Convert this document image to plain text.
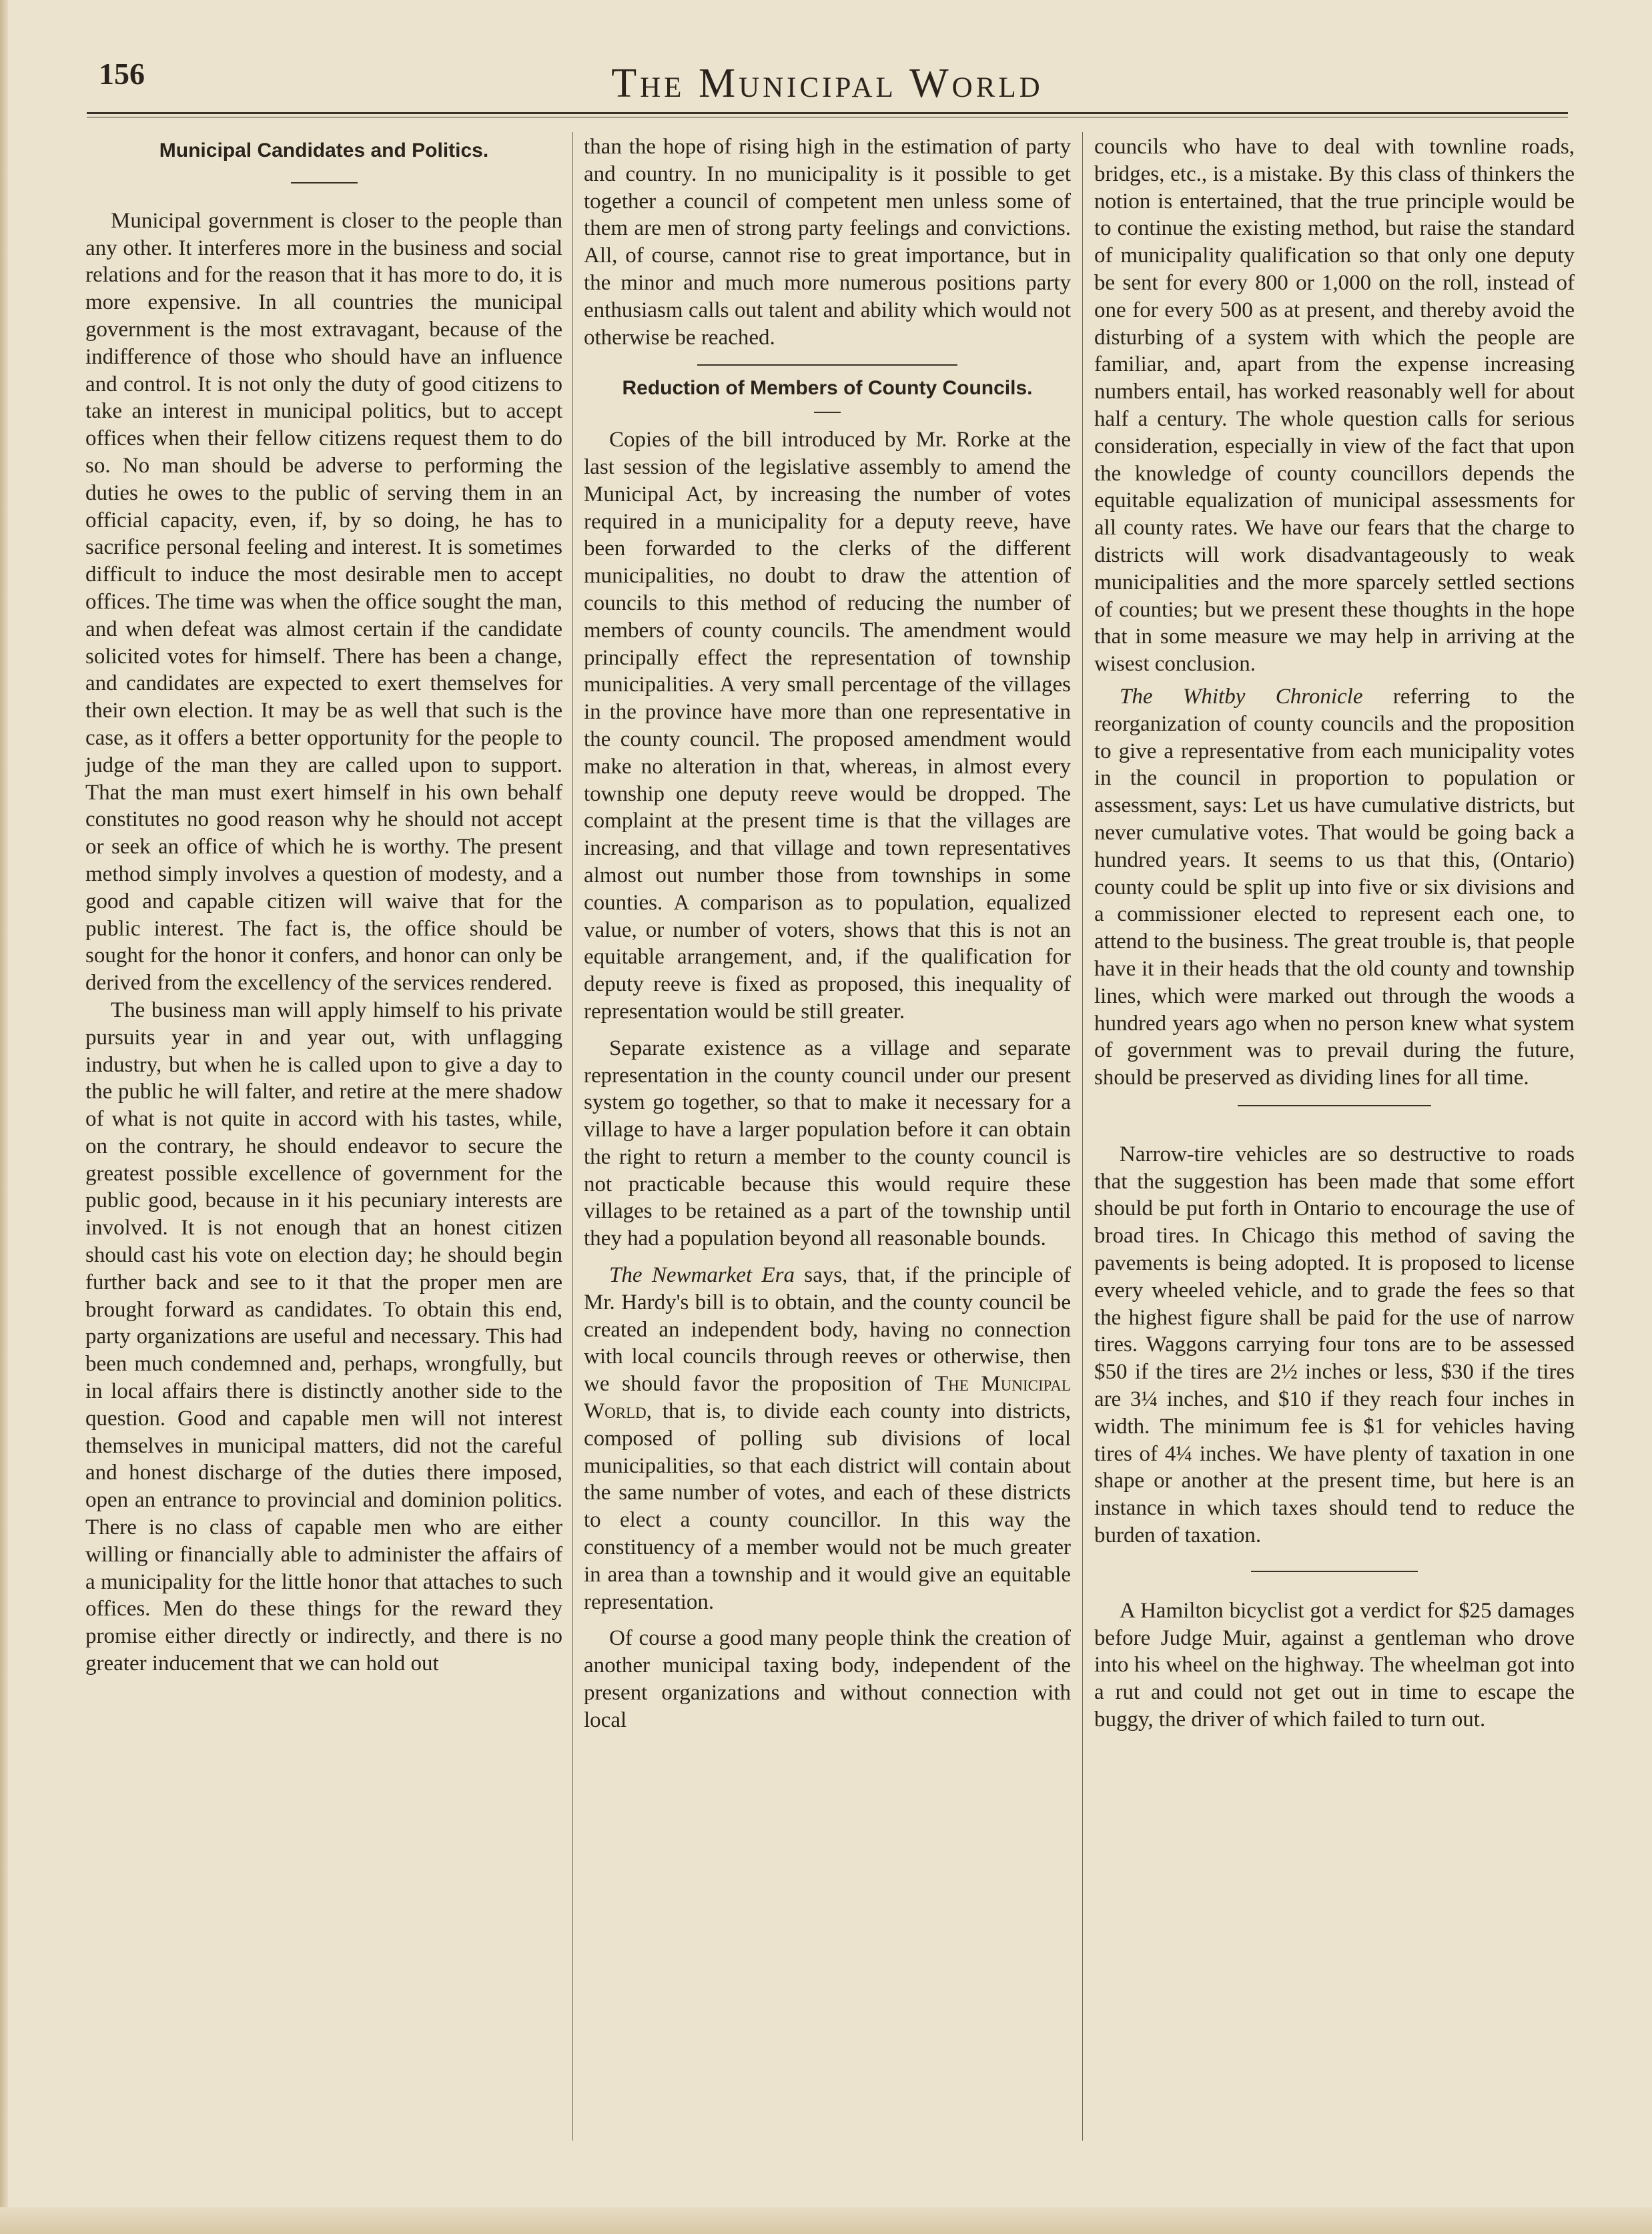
156	The Municipal World
Municipal Candidates and Politics.

Municipal government is closer to the people than any other. It interferes more in the business and social relations and for the reason that it has more to do, it is more expensive. In all countries the municipal government is the most extravagant, because of the indifference of those who should have an influence and control. It is not only the duty of good citizens to take an interest in municipal politics, but to accept offices when their fellow citizens request them to do so. No man should be adverse to performing the duties he owes to the public of serving them in an official capacity, even, if, by so doing, he has to sacrifice personal feeling and interest. It is sometimes difficult to induce the most desirable men to accept offices. The time was when the office sought the man, and when defeat was almost certain if the candidate solicited votes for himself. There has been a change, and candidates are expected to exert themselves for their own election. It may be as well that such is the case, as it offers a better opportunity for the people to judge of the man they are called upon to support. That the man must exert himself in his own behalf constitutes no good reason why he should not accept or seek an office of which he is worthy. The present method simply involves a question of modesty, and a good and capable citizen will waive that for the public interest. The fact is, the office should be sought for the honor it confers, and honor can only be derived from the excellency of the services rendered.

The business man will apply himself to his private pursuits year in and year out, with unflagging industry, but when he is called upon to give a day to the public he will falter, and retire at the mere shadow of what is not quite in accord with his tastes, while, on the contrary, he should endeavor to secure the greatest possible excellence of government for the public good, because in it his pecuniary interests are involved. It is not enough that an honest citizen should cast his vote on election day; he should begin further back and see to it that the proper men are brought forward as candidates. To obtain this end, party organizations are useful and necessary. This had been much condemned and, perhaps, wrongfully, but in local affairs there is distinctly another side to the question. Good and capable men will not interest themselves in municipal matters, did not the careful and honest discharge of the duties there imposed, open an entrance to provincial and dominion politics. There is no class of capable men who are either willing or financially able to administer the affairs of a municipality for the little honor that attaches to such offices. Men do these things for the reward they promise either directly or indirectly, and there is no greater inducement that we can hold out

than the hope of rising high in the estimation of party and country. In no municipality is it possible to get together a council of competent men unless some of them are men of strong party feelings and convictions. All, of course, cannot rise to great importance, but in the minor and much more numerous positions party enthusiasm calls out talent and ability which would not otherwise be reached.

Reduction of Members of County Councils.

Copies of the bill introduced by Mr. Rorke at the last session of the legislative assembly to amend the Municipal Act, by increasing the number of votes required in a municipality for a deputy reeve, have been forwarded to the clerks of the different municipalities, no doubt to draw the attention of councils to this method of reducing the number of members of county councils. The amendment would principally effect the representation of township municipalities. A very small percentage of the villages in the province have more than one representative in the county council. The proposed amendment would make no alteration in that, whereas, in almost every township one deputy reeve would be dropped. The complaint at the present time is that the villages are increasing, and that village and town representatives almost out number those from townships in some counties. A comparison as to population, equalized value, or number of voters, shows that this is not an equitable arrangement, and, if the qualification for deputy reeve is fixed as proposed, this inequality of representation would be still greater.

Separate existence as a village and separate representation in the county council under our present system go together, so that to make it necessary for a village to have a larger population before it can obtain the right to return a member to the county council is not practicable because this would require these villages to be retained as a part of the township until they had a population beyond all reasonable bounds.

The Newmarket Era says, that, if the principle of Mr. Hardy's bill is to obtain, and the county council be created an independent body, having no connection with local councils through reeves or otherwise, then we should favor the proposition of The Municipal World, that is, to divide each county into districts, composed of polling sub divisions of local municipalities, so that each district will contain about the same number of votes, and each of these districts to elect a county councillor. In this way the constituency of a member would not be much greater in area than a township and it would give an equitable representation.

Of course a good many people think the creation of another municipal taxing body, independent of the present organizations and without connection with local

councils who have to deal with townline roads, bridges, etc., is a mistake. By this class of thinkers the notion is entertained, that the true principle would be to continue the existing method, but raise the standard of municipality qualification so that only one deputy be sent for every 800 or 1,000 on the roll, instead of one for every 500 as at present, and thereby avoid the disturbing of a system with which the people are familiar, and, apart from the expense increasing numbers entail, has worked reasonably well for about half a century. The whole question calls for serious consideration, especially in view of the fact that upon the knowledge of county councillors depends the equitable equalization of municipal assessments for all county rates. We have our fears that the charge to districts will work disadvantageously to weak municipalities and the more sparcely settled sections of counties; but we present these thoughts in the hope that in some measure we may help in arriving at the wisest conclusion.

The Whitby Chronicle referring to the reorganization of county councils and the proposition to give a representative from each municipality votes in the council in proportion to population or assessment, says: Let us have cumulative districts, but never cumulative votes. That would be going back a hundred years. It seems to us that this, (Ontario) county could be split up into five or six divisions and a commissioner elected to represent each one, to attend to the business. The great trouble is, that people have it in their heads that the old county and township lines, which were marked out through the woods a hundred years ago when no person knew what system of government was to prevail during the future, should be preserved as dividing lines for all time.

Narrow-tire vehicles are so destructive to roads that the suggestion has been made that some effort should be put forth in Ontario to encourage the use of broad tires. In Chicago this method of saving the pavements is being adopted. It is proposed to license every wheeled vehicle, and to grade the fees so that the highest figure shall be paid for the use of narrow tires. Waggons carrying four tons are to be assessed $50 if the tires are 2½ inches or less, $30 if the tires are 3¼ inches, and $10 if they reach four inches in width. The minimum fee is $1 for vehicles having tires of 4¼ inches. We have plenty of taxation in one shape or another at the present time, but here is an instance in which taxes should tend to reduce the burden of taxation.

A Hamilton bicyclist got a verdict for $25 damages before Judge Muir, against a gentleman who drove into his wheel on the highway. The wheelman got into a rut and could not get out in time to escape the buggy, the driver of which failed to turn out.
